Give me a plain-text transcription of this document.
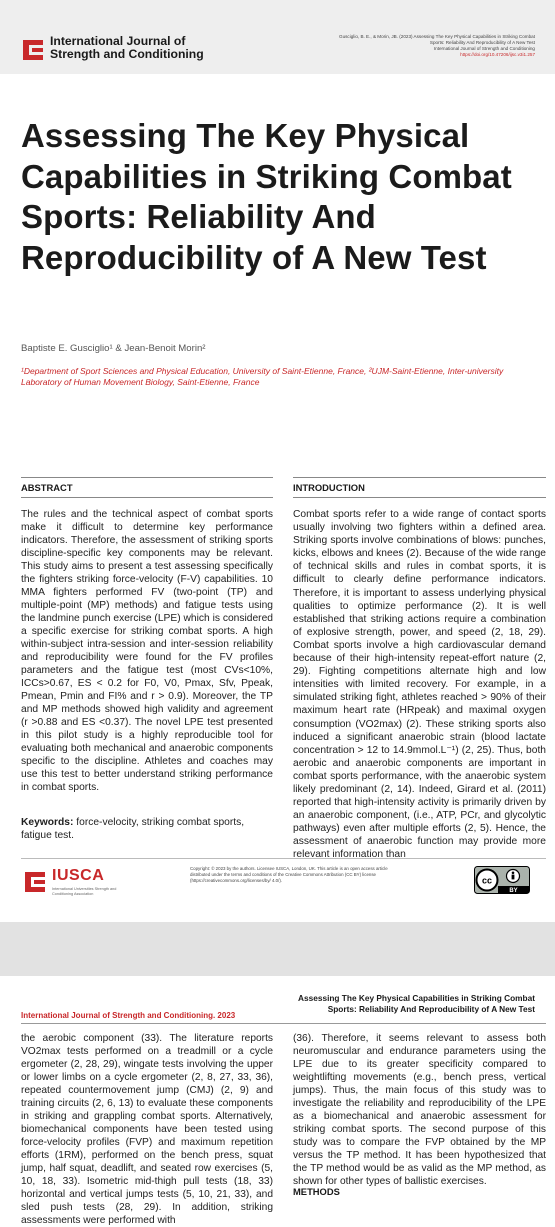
International Journal of
Strength and Conditioning
Gusciglio, B. E., & Morin, JB. (2023) Assessing The Key Physical Capabilities in Striking Combat
Sports: Reliability And Reproducibility of A New Test
International Journal of Strength and Conditioning
https://doi.org/10.47206/ijsc.v3i1.257
Assessing The Key Physical Capabilities in Striking Combat Sports: Reliability And Reproducibility of A New Test
Baptiste E. Gusciglio¹ & Jean-Benoit Morin²
¹Department of Sport Sciences and Physical Education, University of Saint-Etienne, France, ²UJM-Saint-Etienne, Inter-university Laboratory of Human Movement Biology, Saint-Etienne, France
ABSTRACT	INTRODUCTION
The rules and the technical aspect of combat sports make it difficult to determine key performance indicators. Therefore, the assessment of striking sports discipline-specific key components may be relevant. This study aims to present a test assessing specifically the fighters striking force-velocity (F-V) capabilities. 10 MMA fighters performed FV (two-point (TP) and multiple-point (MP) methods) and fatigue tests using the landmine punch exercise (LPE) which is considered a specific exercise for striking combat sports. A high within-subject intra-session and inter-session reliability and reproducibility were found for the FV profiles parameters and the fatigue test (most CVs<10%, ICCs>0.67, ES < 0.2 for F0, V0, Pmax, Sfv, Ppeak, Pmean, Pmin and FI% and r > 0.9). Moreover, the TP and MP methods showed high validity and agreement (r >0.88 and ES <0.37). The novel LPE test presented in this pilot study is a highly reproducible tool for evaluating both mechanical and anaerobic components specific to the discipline. Athletes and coaches may use this test to better understand striking performance in combat sports.
Keywords: force-velocity, striking combat sports, fatigue test.
Combat sports refer to a wide range of contact sports usually involving two fighters within a defined area. Striking sports involve combinations of blows: punches, kicks, elbows and knees (2). Because of the wide range of technical skills and rules in combat sports, it is difficult to clearly define performance indicators. Therefore, it is important to assess underlying physical qualities to optimize performance (2). It is well established that striking actions require a combination of explosive strength, power, and speed (2, 18, 29). Combat sports involve a high cardiovascular demand because of their high-intensity repeat-effort nature (2, 29). Fighting competitions alternate high and low intensities with limited recovery. For example, in a simulated striking fight, athletes reached > 90% of their maximum heart rate (HRpeak) and maximal oxygen consumption (VO2max) (2). These striking sports also induced a significant anaerobic strain (blood lactate concentration > 12 to 14.9mmol.L⁻¹) (2, 25). Thus, both aerobic and anaerobic components are important in combat sports performance, with the anaerobic system likely predominant (2, 14). Indeed, Girard et al. (2011) reported that high-intensity activity is primarily driven by an anaerobic component, (i.e., ATP, PCr, and glycolytic pathways) even after multiple efforts (2, 5). Hence, the assessment of anaerobic function may provide more relevant information than
IUSCA
International Universities Strength and Conditioning Association
Copyright: © 2023 by the authors. Licensee IUSCA, London, UK. This article is an open access article distributed under the terms and conditions of the Creative Commons Attribution (CC BY) license (https://creativecommons.org/licenses/by/ 4.0/).	cc
BY
International Journal of Strength and Conditioning. 2023
Assessing The Key Physical Capabilities in Striking Combat
Sports: Reliability And Reproducibility of A New Test
the aerobic component (33). The literature reports VO2max tests performed on a treadmill or a cycle ergometer (2, 28, 29), wingate tests involving the upper or lower limbs on a cycle ergometer (2, 8, 27, 33, 36), repeated countermovement jump (CMJ) (2, 9) and training circuits (2, 6, 13) to evaluate these components in striking and grappling combat sports. Alternatively, biomechanical components have been tested using force-velocity profiles (FVP) and maximum repetition efforts (1RM), performed on the bench press, squat jump, half squat, deadlift, and seated row exercises (5, 10, 18, 33). Isometric mid-thigh pull tests (18, 33) horizontal and vertical jumps tests (5, 10, 21, 33), and sled push tests (28, 29). In addition, striking assessments were performed with
(36). Therefore, it seems relevant to assess both neuromuscular and endurance parameters using the LPE due to its greater specificity compared to weightlifting movements (e.g., bench press, vertical jumps). Thus, the main focus of this study was to investigate the reliability and reproducibility of the LPE as a biomechanical and anaerobic assessment for striking combat sports. The second purpose of this study was to compare the FVP obtained by the MP versus the TP method. It has been hypothesized that the TP method would be as valid as the MP method, as shown for other types of ballistic exercises.
METHODS
